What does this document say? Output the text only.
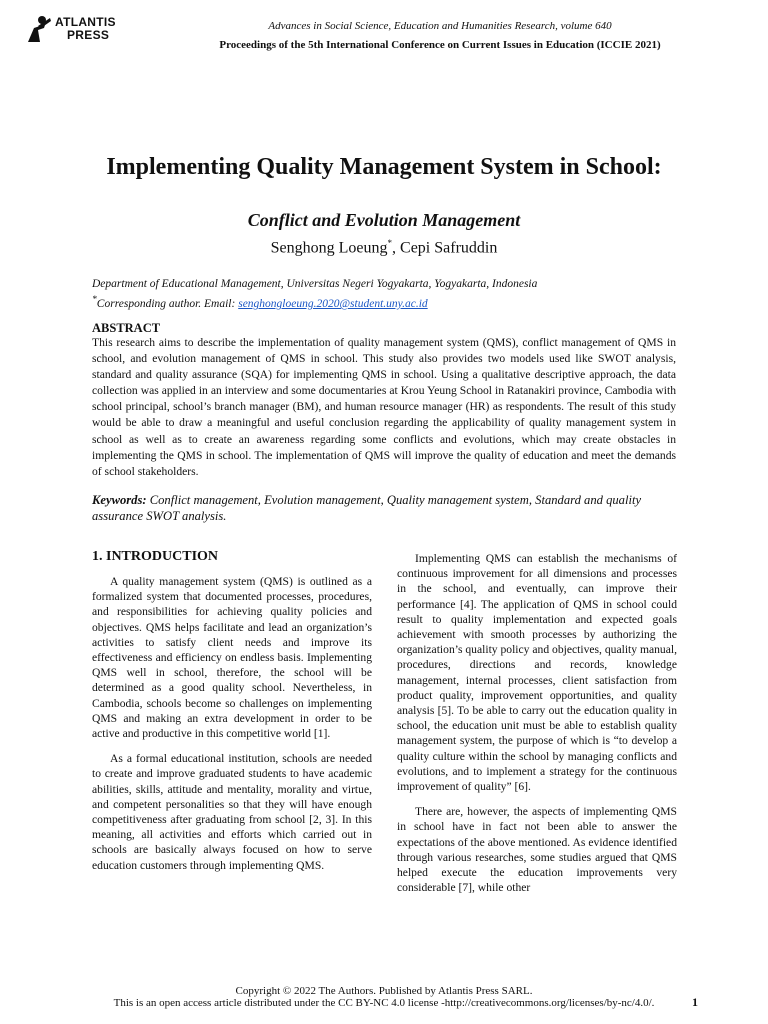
ATLANTIS
PRESS
Advances in Social Science, Education and Humanities Research, volume 640
Proceedings of the 5th International Conference on Current Issues in Education (ICCIE 2021)
Implementing Quality Management System in School:
Conflict and Evolution Management
Senghong Loeung*, Cepi Safruddin
Department of Educational Management, Universitas Negeri Yogyakarta, Yogyakarta, Indonesia
*Corresponding author. Email: senghongloeung.2020@student.uny.ac.id
ABSTRACT

This research aims to describe the implementation of quality management system (QMS), conflict management of QMS in school, and evolution management of QMS in school. This study also provides two models used like SWOT analysis, standard and quality assurance (SQA) for implementing QMS in school. Using a qualitative descriptive approach, the data collection was applied in an interview and some documentaries at Krou Yeung School in Ratanakiri province, Cambodia with school principal, school’s branch manager (BM), and human resource manager (HR) as respondents. The result of this study would be able to draw a meaningful and useful conclusion regarding the applicability of quality management system in school as well as to create an awareness regarding some conflicts and evolutions, which may create obstacles in implementing the QMS in school. The implementation of QMS will improve the quality of education and meet the demands of school stakeholders.

Keywords: Conflict management, Evolution management, Quality management system, Standard and quality assurance SWOT analysis.

1. INTRODUCTION

A quality management system (QMS) is outlined as a formalized system that documented processes, procedures, and responsibilities for achieving quality policies and objectives. QMS helps facilitate and lead an organization’s activities to satisfy client needs and improve its effectiveness and efficiency on endless basis. Implementing QMS well in school, therefore, the school will be determined as a good quality school. Nevertheless, in Cambodia, schools become so challenges on implementing QMS and making an extra development in order to be active and productive in this competitive world [1].

As a formal educational institution, schools are needed to create and improve graduated students to have academic abilities, skills, attitude and mentality, morality and virtue, and competent personalities so that they will have enough competitiveness after graduating from school [2, 3]. In this meaning, all activities and efforts which carried out in schools are basically always focused on how to serve education customers through implementing QMS.

Implementing QMS can establish the mechanisms of continuous improvement for all dimensions and processes in the school, and eventually, can improve their performance [4]. The application of QMS in school could result to quality implementation and expected goals achievement with smooth processes by authorizing the organization’s quality policy and objectives, quality manual, procedures, directions and records, knowledge management, internal processes, client satisfaction from product quality, improvement opportunities, and quality analysis [5]. To be able to carry out the education quality in school, the education unit must be able to establish quality management system, the purpose of which is “to develop a quality culture within the school by managing conflicts and evolutions, and to implement a strategy for the continuous improvement of quality” [6].

There are, however, the aspects of implementing QMS in school have in fact not been able to answer the expectations of the above mentioned. As evidence identified through various researches, some studies argued that QMS helped execute the education improvements very considerable [7], while other

Copyright © 2022 The Authors. Published by Atlantis Press SARL.
This is an open access article distributed under the CC BY-NC 4.0 license -http://creativecommons.org/licenses/by-nc/4.0/.	1
